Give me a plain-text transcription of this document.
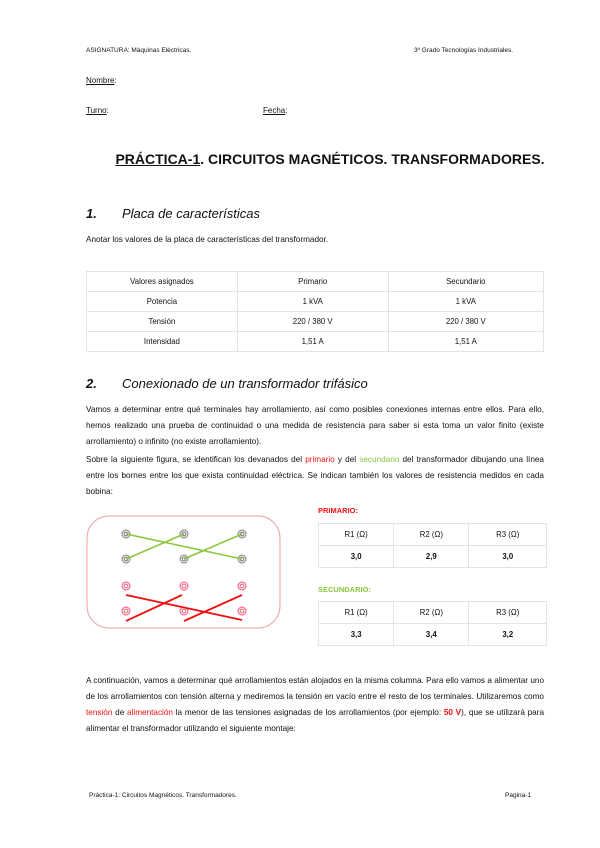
ASIGNATURA: Máquinas Eléctricas.	3º Grado Tecnologías Industriales.
Nombre:
Turno:	Fecha:
PRÁCTICA-1. CIRCUITOS MAGNÉTICOS. TRANSFORMADORES.
1. Placa de características
Anotar los valores de la placa de características del transformador.
Valores asignados	Primario	Secundario
Potencia	1 kVA	1 kVA
Tensión	220 / 380 V	220 / 380 V
Intensidad	1,51 A	1,51 A
2. Conexionado de un transformador trifásico
Vamos a determinar entre qué terminales hay arrollamiento, así como posibles conexiones internas entre ellos. Para ello, hemos realizado una prueba de continuidad o una medida de resistencia para saber si esta toma un valor finito (existe arrollamiento) o infinito (no existe arrollamiento).
Sobre la siguiente figura, se identifican los devanados del primario y del secundario del transformador dibujando una línea entre los bornes entre los que exista continuidad eléctrica. Se indican también los valores de resistencia medidos en cada bobina:
PRIMARIO:
R1 (Ω)	R2 (Ω)	R3 (Ω)
3,0	2,9	3,0
SECUNDARIO:
R1 (Ω)	R2 (Ω)	R3 (Ω)
3,3	3,4	3,2
A continuación, vamos a determinar qué arrollamientos están alojados en la misma columna. Para ello vamos a alimentar uno de los arrollamientos con tensión alterna y mediremos la tensión en vacío entre el resto de los terminales. Utilizaremos como tensión de alimentación la menor de las tensiones asignadas de los arrollamientos (por ejemplo: 50 V), que se utilizará para alimentar el transformador utilizando el siguiente montaje:
Práctica-1: Circuitos Magnéticos. Transformadores.	Pagina-1
